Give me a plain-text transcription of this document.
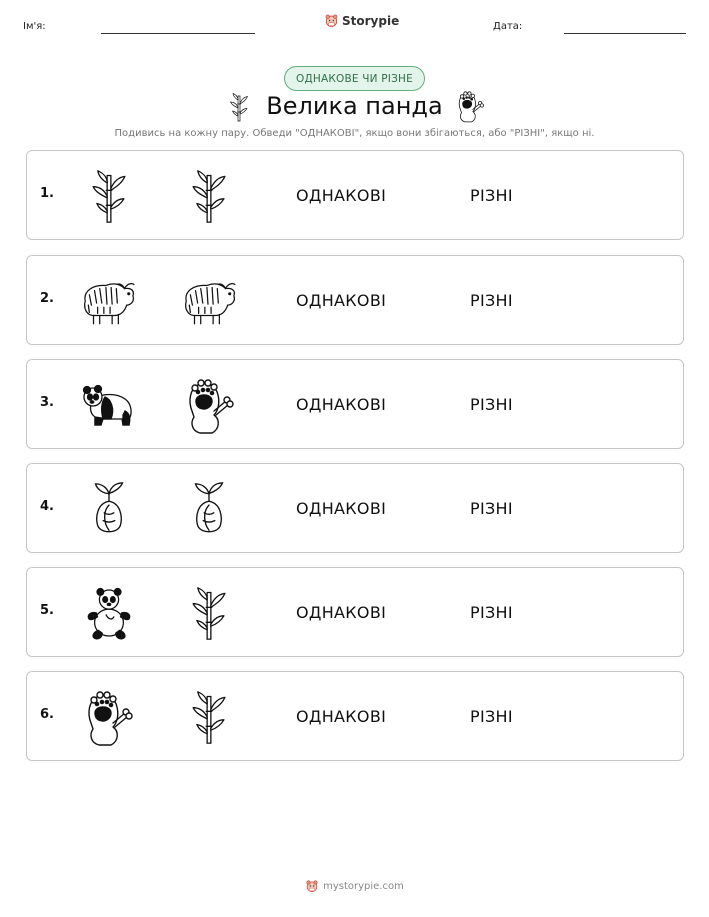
Ім'я:	Storypie	Дата:
ОДНАКОВЕ ЧИ РІЗНЕ
Велика панда
Подивись на кожну пару. Обведи "ОДНАКОВІ", якщо вони збігаються, або "РІЗНІ", якщо ні.
1.	ОДНАКОВІ	РІЗНІ
2.	ОДНАКОВІ	РІЗНІ
3.	ОДНАКОВІ	РІЗНІ
4.	ОДНАКОВІ	РІЗНІ
5.	ОДНАКОВІ	РІЗНІ
6.	ОДНАКОВІ	РІЗНІ
mystorypie.com
